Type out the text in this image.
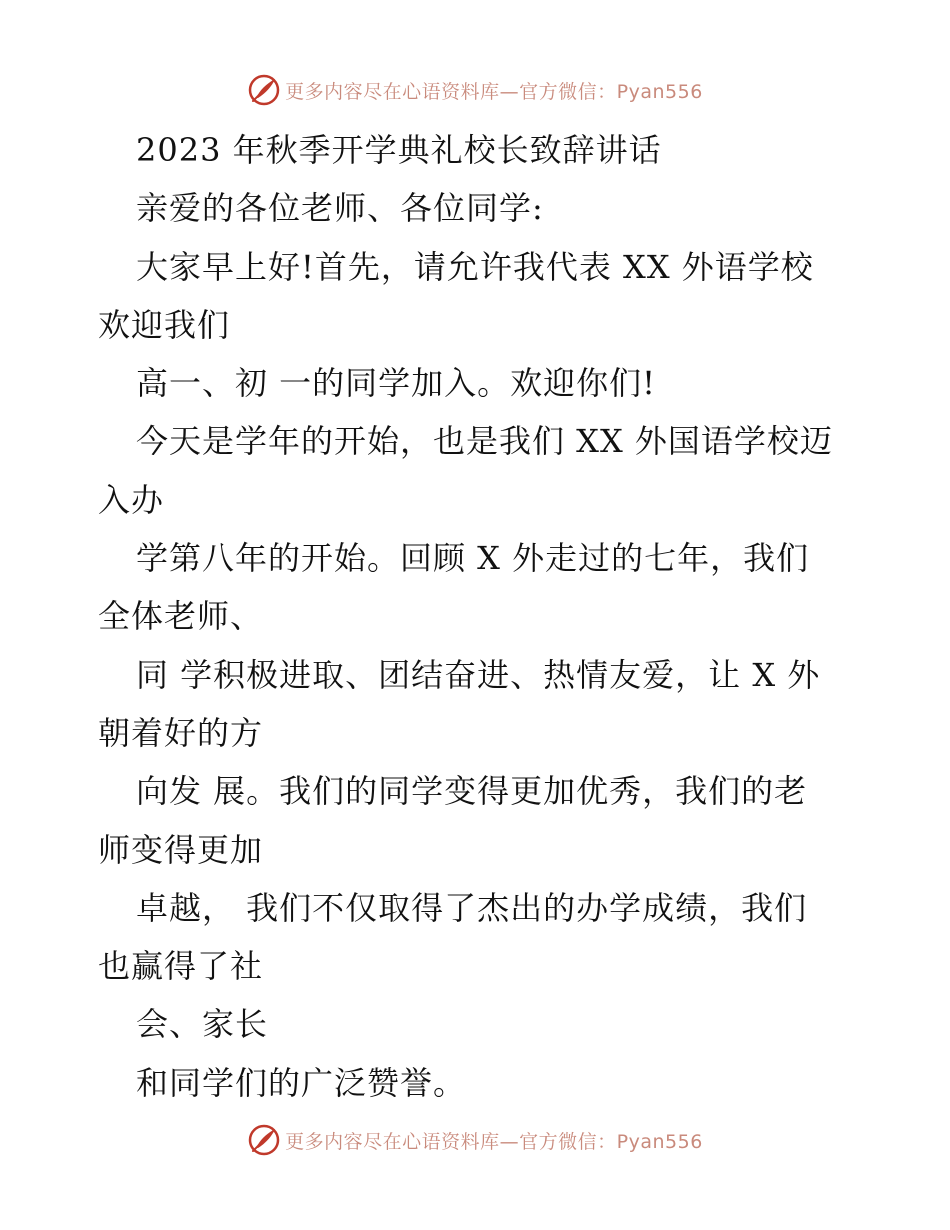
更多内容尽在心语资料库—官方微信：Pyan556
2023 年秋季开学典礼校长致辞讲话
亲爱的各位老师、各位同学:
大家早上好!首先，请允许我代表 XX 外语学校
欢迎我们
高一、初 一的同学加入。欢迎你们!
今天是学年的开始，也是我们 XX 外国语学校迈
入办
学第八年的开始。回顾 X 外走过的七年，我们
全体老师、
同 学积极进取、团结奋进、热情友爱，让 X 外
朝着好的方
向发 展。我们的同学变得更加优秀，我们的老
师变得更加
卓越， 我们不仅取得了杰出的办学成绩，我们
也赢得了社
会、家长
和同学们的广泛赞誉。
更多内容尽在心语资料库—官方微信：Pyan556
